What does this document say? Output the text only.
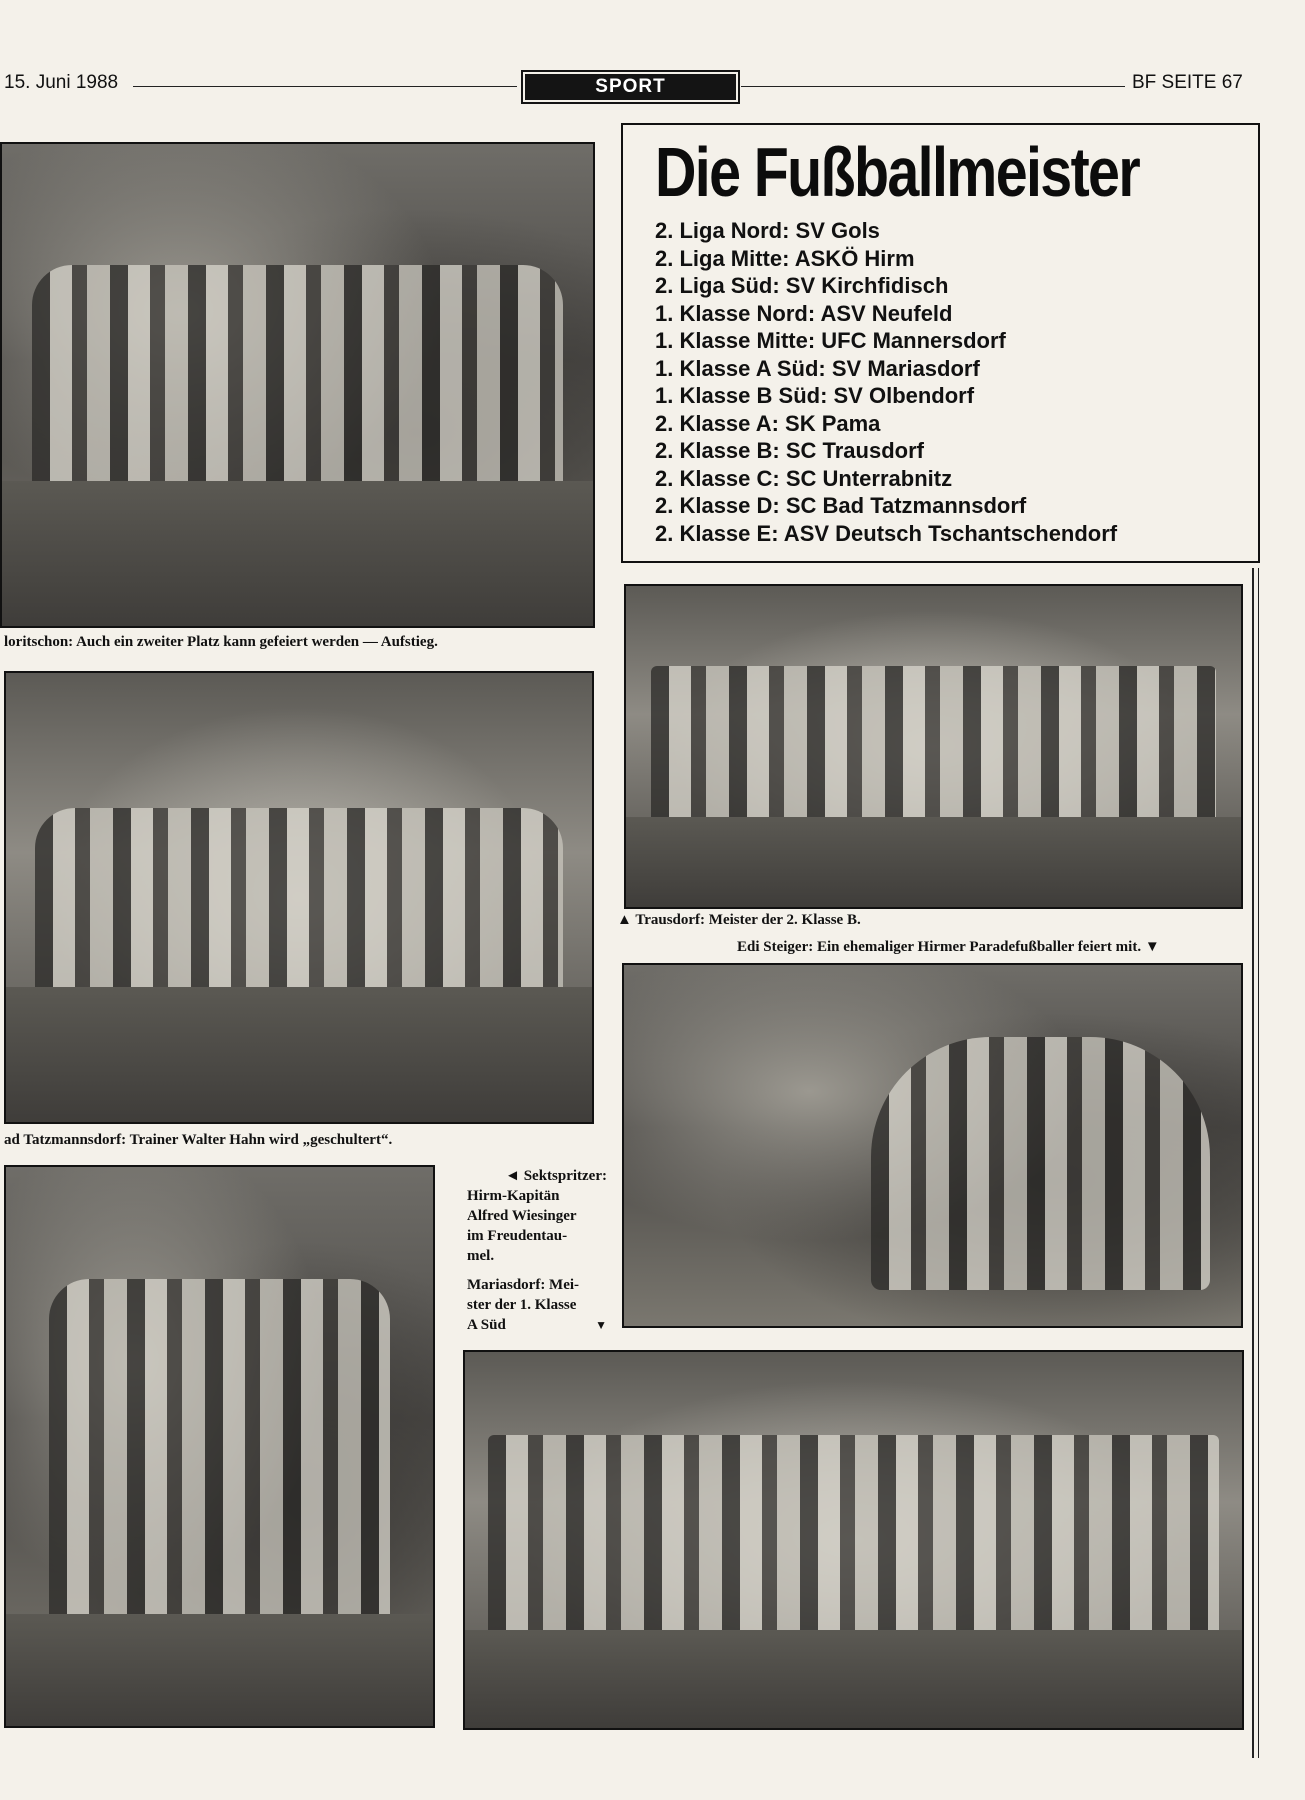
15. Juni 1988	SPORT	BF SEITE 67
loritschon: Auch ein zweiter Platz kann gefeiert werden — Aufstieg.
ad Tatzmannsdorf: Trainer Walter Hahn wird „geschultert“.
◄ Sektspritzer:
Hirm-Kapitän
Alfred Wiesinger
im Freudentau-
mel.
Mariasdorf: Mei-
ster der 1. Klasse
A Süd	▼
Die Fußballmeister
2. Liga Nord: SV Gols
2. Liga Mitte: ASKÖ Hirm
2. Liga Süd: SV Kirchfidisch
1. Klasse Nord: ASV Neufeld
1. Klasse Mitte: UFC Mannersdorf
1. Klasse A Süd: SV Mariasdorf
1. Klasse B Süd: SV Olbendorf
2. Klasse A: SK Pama
2. Klasse B: SC Trausdorf
2. Klasse C: SC Unterrabnitz
2. Klasse D: SC Bad Tatzmannsdorf
2. Klasse E: ASV Deutsch Tschantschendorf
▲ Trausdorf: Meister der 2. Klasse B.
Edi Steiger: Ein ehemaliger Hirmer Paradefußballer feiert mit. ▼
